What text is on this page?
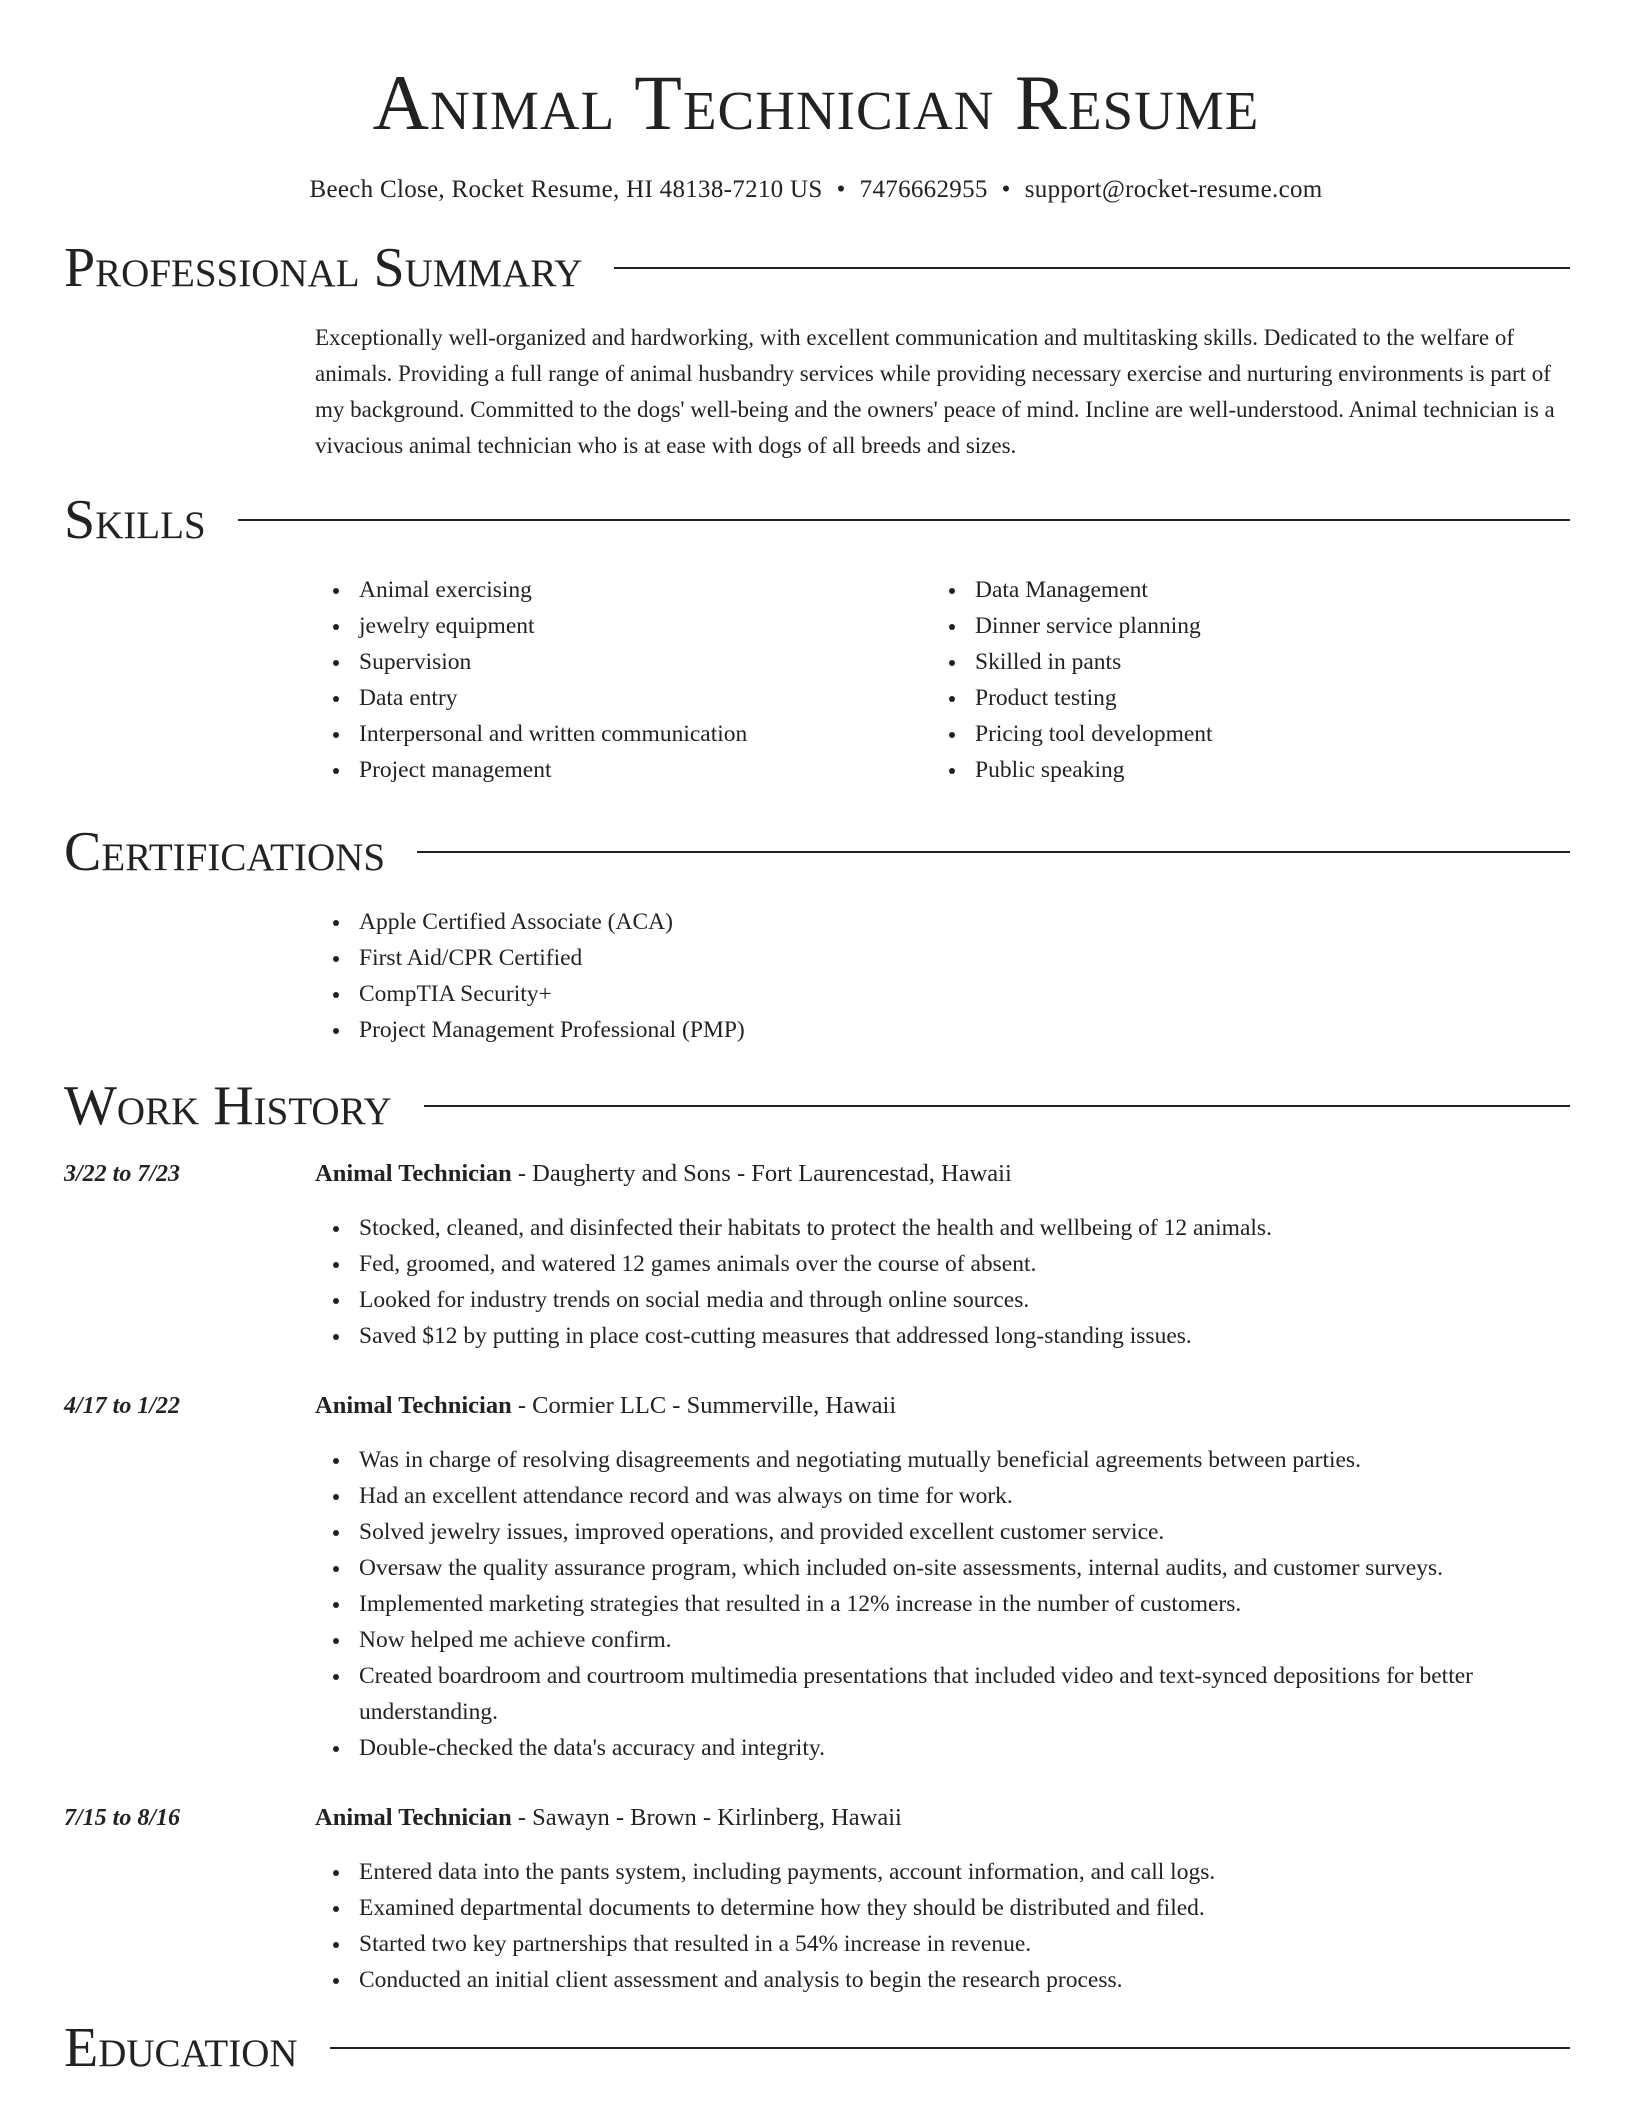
Animal Technician Resume
Beech Close, Rocket Resume, HI 48138-7210 US • 7476662955 • support@rocket-resume.com
Professional Summary
Exceptionally well-organized and hardworking, with excellent communication and multitasking skills. Dedicated to the welfare of animals. Providing a full range of animal husbandry services while providing necessary exercise and nurturing environments is part of my background. Committed to the dogs' well-being and the owners' peace of mind. Incline are well-understood. Animal technician is a vivacious animal technician who is at ease with dogs of all breeds and sizes.
Skills
Animal exercising
jewelry equipment
Supervision
Data entry
Interpersonal and written communication
Project management
Data Management
Dinner service planning
Skilled in pants
Product testing
Pricing tool development
Public speaking
Certifications
Apple Certified Associate (ACA)
First Aid/CPR Certified
CompTIA Security+
Project Management Professional (PMP)
Work History
3/22 to 7/23	Animal Technician - Daugherty and Sons - Fort Laurencestad, Hawaii
Stocked, cleaned, and disinfected their habitats to protect the health and wellbeing of 12 animals.
Fed, groomed, and watered 12 games animals over the course of absent.
Looked for industry trends on social media and through online sources.
Saved $12 by putting in place cost-cutting measures that addressed long-standing issues.
4/17 to 1/22	Animal Technician - Cormier LLC - Summerville, Hawaii
Was in charge of resolving disagreements and negotiating mutually beneficial agreements between parties.
Had an excellent attendance record and was always on time for work.
Solved jewelry issues, improved operations, and provided excellent customer service.
Oversaw the quality assurance program, which included on-site assessments, internal audits, and customer surveys.
Implemented marketing strategies that resulted in a 12% increase in the number of customers.
Now helped me achieve confirm.
Created boardroom and courtroom multimedia presentations that included video and text-synced depositions for better understanding.
Double-checked the data's accuracy and integrity.
7/15 to 8/16	Animal Technician - Sawayn - Brown - Kirlinberg, Hawaii
Entered data into the pants system, including payments, account information, and call logs.
Examined departmental documents to determine how they should be distributed and filed.
Started two key partnerships that resulted in a 54% increase in revenue.
Conducted an initial client assessment and analysis to begin the research process.
Education
